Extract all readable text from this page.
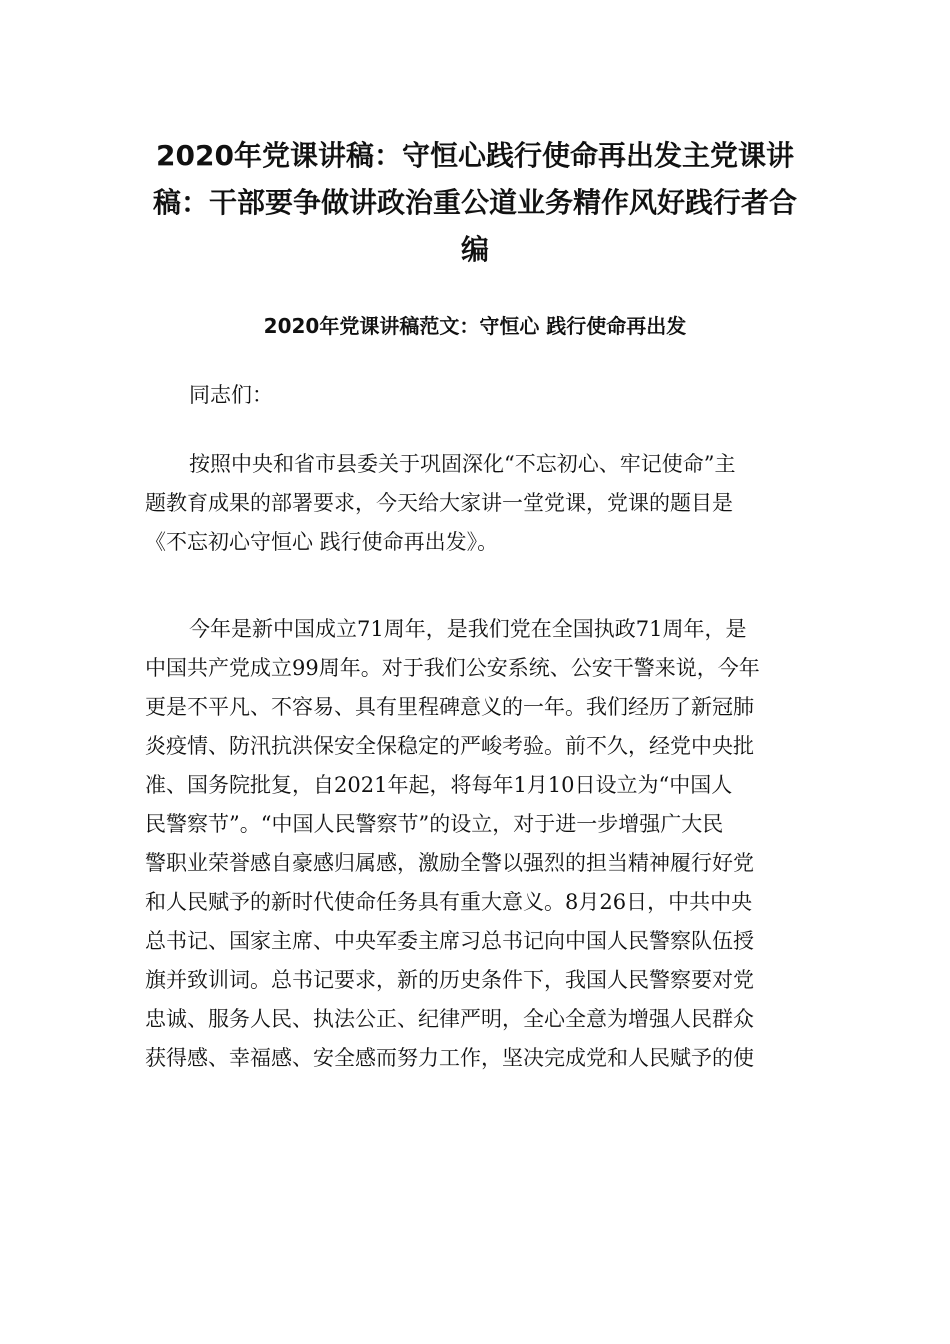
2020年党课讲稿：守恒心践行使命再出发主党课讲
稿：干部要争做讲政治重公道业务精作风好践行者合
编
2020年党课讲稿范文：守恒心 践行使命再出发

同志们：

按照中央和省市县委关于巩固深化“不忘初心、牢记使命”主
题教育成果的部署要求，今天给大家讲一堂党课，党课的题目是
《不忘初心守恒心 践行使命再出发》。

今年是新中国成立71周年，是我们党在全国执政71周年，是
中国共产党成立99周年。对于我们公安系统、公安干警来说，今年
更是不平凡、不容易、具有里程碑意义的一年。我们经历了新冠肺
炎疫情、防汛抗洪保安全保稳定的严峻考验。前不久，经党中央批
准、国务院批复，自2021年起，将每年1月10日设立为“中国人
民警察节”。“中国人民警察节”的设立，对于进一步增强广大民
警职业荣誉感自豪感归属感，激励全警以强烈的担当精神履行好党
和人民赋予的新时代使命任务具有重大意义。8月26日，中共中央
总书记、国家主席、中央军委主席习总书记向中国人民警察队伍授
旗并致训词。总书记要求，新的历史条件下，我国人民警察要对党
忠诚、服务人民、执法公正、纪律严明，全心全意为增强人民群众
获得感、幸福感、安全感而努力工作，坚决完成党和人民赋予的使
